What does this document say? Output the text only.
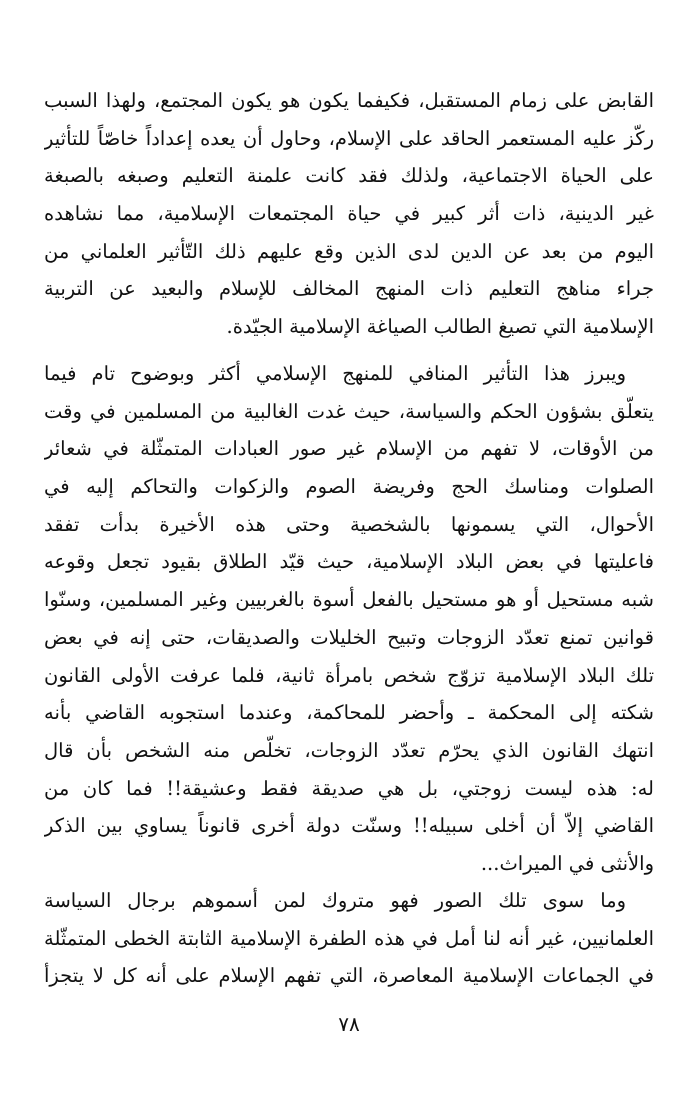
القابض على زمام المستقبل، فكيفما يكون هو يكون المجتمع، ولهذا السبب
ركّز عليه المستعمر الحاقد على الإسلام، وحاول أن يعده إعداداً خاصّاً للتأثير
على الحياة الاجتماعية، ولذلك فقد كانت علمنة التعليم وصبغه بالصبغة
غير الدينية، ذات أثر كبير في حياة المجتمعات الإسلامية، مما نشاهده
اليوم من بعد عن الدين لدى الذين وقع عليهم ذلك التّأثير العلماني من
جراء مناهج التعليم ذات المنهج المخالف للإسلام والبعيد عن التربية
الإسلامية التي تصيغ الطالب الصياغة الإسلامية الجيّدة.
ويبرز هذا التأثير المنافي للمنهج الإسلامي أكثر وبوضوح تام فيما
يتعلّق بشؤون الحكم والسياسة، حيث غدت الغالبية من المسلمين في وقت
من الأوقات، لا تفهم من الإسلام غير صور العبادات المتمثّلة في شعائر
الصلوات ومناسك الحج وفريضة الصوم والزكوات والتحاكم إليه في
الأحوال، التي يسمونها بالشخصية وحتى هذه الأخيرة بدأت تفقد
فاعليتها في بعض البلاد الإسلامية، حيث قيّد الطلاق بقيود تجعل وقوعه
شبه مستحيل أو هو مستحيل بالفعل أسوة بالغربيين وغير المسلمين، وسنّوا
قوانين تمنع تعدّد الزوجات وتبيح الخليلات والصديقات، حتى إنه في بعض
تلك البلاد الإسلامية تزوّج شخص بامرأة ثانية، فلما عرفت الأولى القانون
شكته إلى المحكمة ـ وأحضر للمحاكمة، وعندما استجوبه القاضي بأنه
انتهك القانون الذي يحرّم تعدّد الزوجات، تخلّص منه الشخص بأن قال
له: هذه ليست زوجتي، بل هي صديقة فقط وعشيقة!! فما كان من
القاضي إلاّ أن أخلى سبيله!! وسنّت دولة أخرى قانوناً يساوي بين الذكر
والأنثى في الميراث...
وما سوى تلك الصور فهو متروك لمن أسموهم برجال السياسة
العلمانيين، غير أنه لنا أمل في هذه الطفرة الإسلامية الثابتة الخطى المتمثّلة
في الجماعات الإسلامية المعاصرة، التي تفهم الإسلام على أنه كل لا يتجزأ
٧٨
